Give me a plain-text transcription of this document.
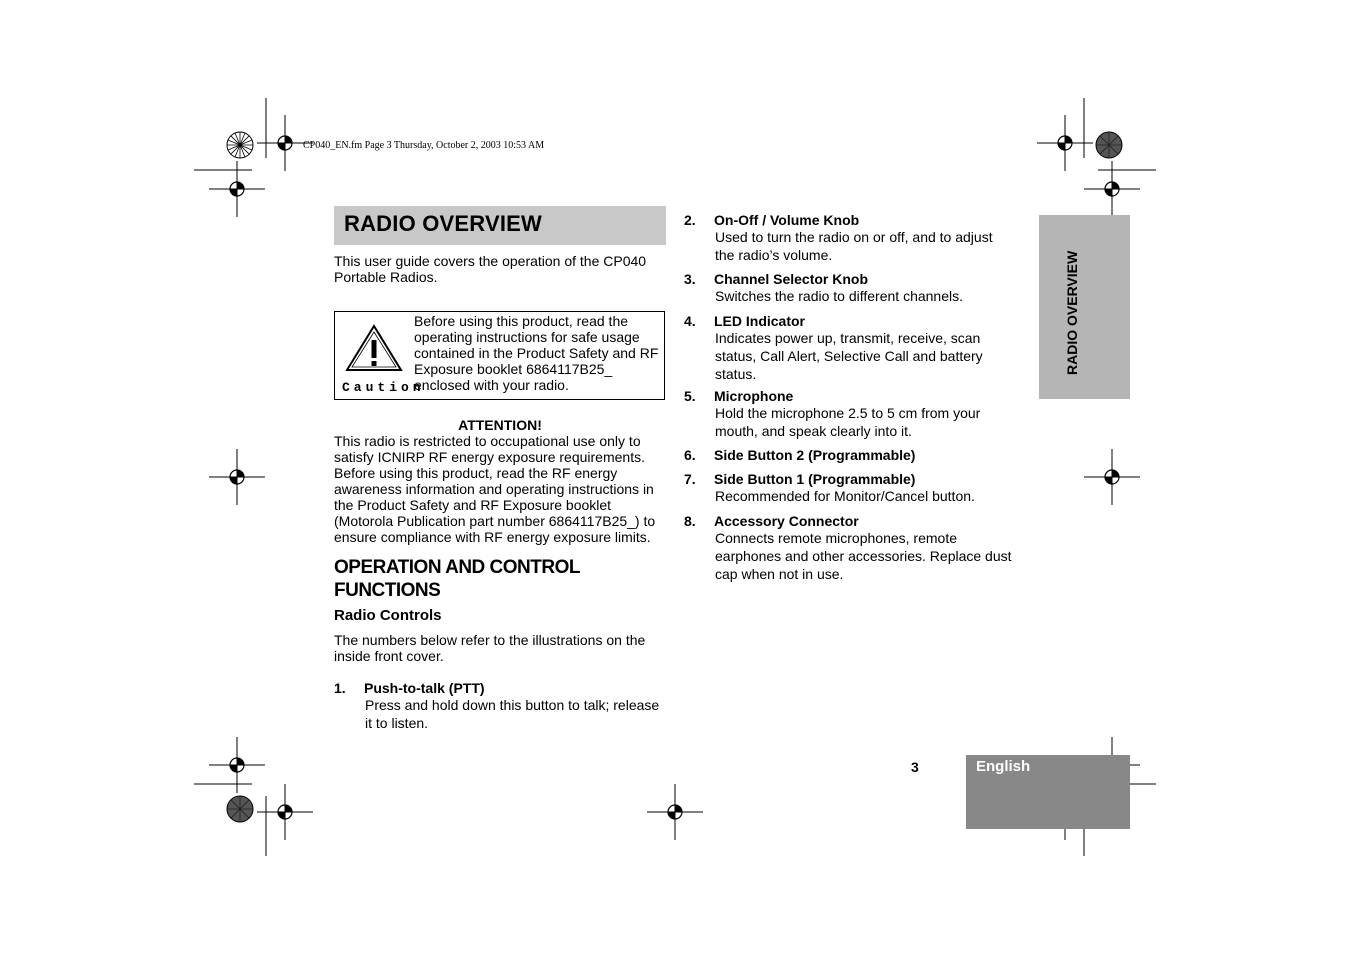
CP040_EN.fm Page 3 Thursday, October 2, 2003 10:53 AM
RADIO OVERVIEW
This user guide covers the operation of the CP040 Portable Radios.
Caution
Before using this product, read the operating instructions for safe usage contained in the Product Safety and RF Exposure booklet 6864117B25_ enclosed with your radio.
ATTENTION!
This radio is restricted to occupational use only to satisfy ICNIRP RF energy exposure requirements. Before using this product, read the RF energy awareness information and operating instructions in the Product Safety and RF Exposure booklet (Motorola Publication part number 6864117B25_) to ensure compliance with RF energy exposure limits.
OPERATION AND CONTROL FUNCTIONS
Radio Controls
The numbers below refer to the illustrations on the inside front cover.
1. Push-to-talk (PTT)
Press and hold down this button to talk; release it to listen.
2. On-Off / Volume Knob
Used to turn the radio on or off, and to adjust the radio’s volume.
3. Channel Selector Knob
Switches the radio to different channels.
4. LED Indicator
Indicates power up, transmit, receive, scan status, Call Alert, Selective Call and battery status.
5. Microphone
Hold the microphone 2.5 to 5 cm from your mouth, and speak clearly into it.
6. Side Button 2 (Programmable)
7. Side Button 1 (Programmable)
Recommended for Monitor/Cancel button.
8. Accessory Connector
Connects remote microphones, remote earphones and other accessories. Replace dust cap when not in use.
RADIO OVERVIEW
3	English
